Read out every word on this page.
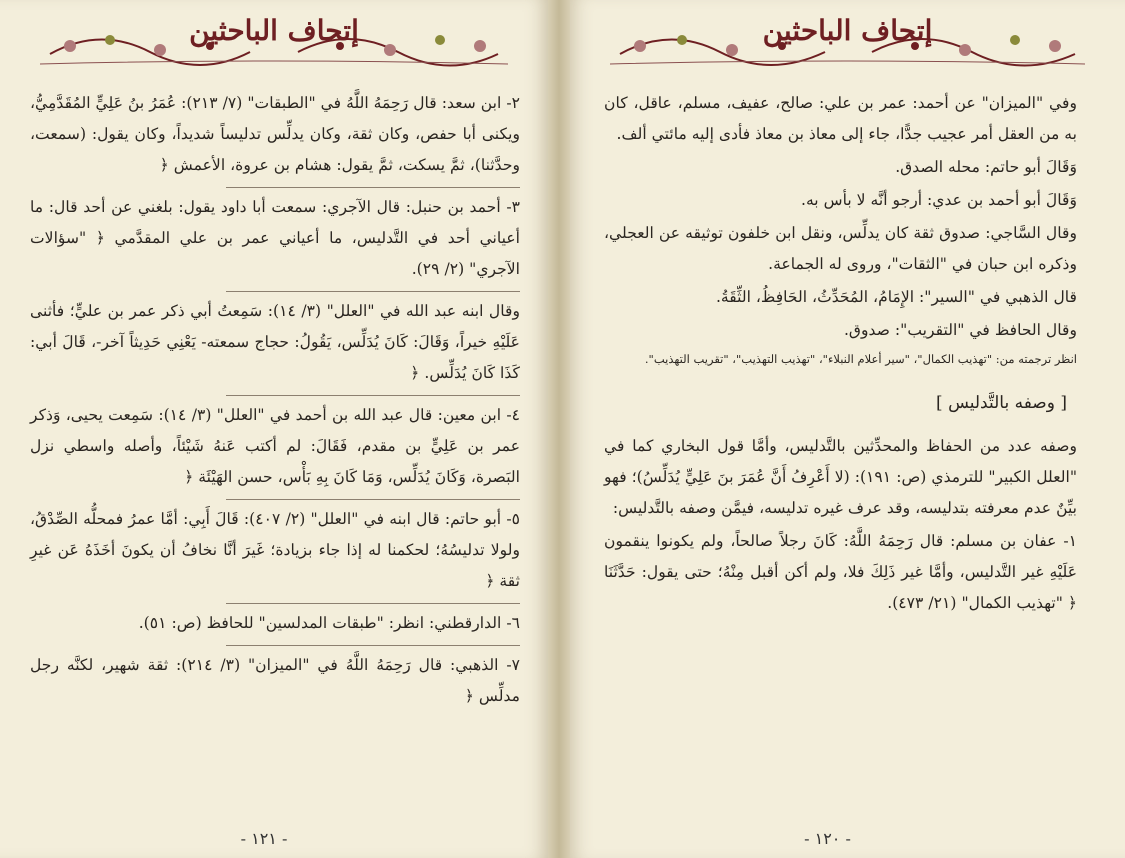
إتحاف الباحثين

٢- ابن سعد: قال رَحِمَهُ اللَّهُ في "الطبقات" (٧/ ٢١٣): عُمَرُ بنُ عَلِيٍّ المُقَدَّمِيُّ، ويكنى أبا حفص، وكان ثقة، وكان يدلِّس تدليساً شديداً، وكان يقول: (سمعت، وحدَّثنا)، ثمَّ يسكت، ثمَّ يقول: هشام بن عروة، الأعمش ﴿

٣- أحمد بن حنبل: قال الآجري: سمعت أبا داود يقول: بلغني عن أحد قال: ما أعياني أحد في التَّدليس، ما أعياني عمر بن علي المقدَّمي ﴿ "سؤالات الآجري" (٢/ ٢٩).

وقال ابنه عبد الله في "العلل" (٣/ ١٤): سَمِعتُ أبي ذكر عمر بن عليٍّ؛ فأثنى عَلَيْهِ خيراً، وَقَالَ: كَانَ يُدَلِّس، يَقُولُ: حجاج سمعته- يَعْنِي حَدِيثاً آخر-، قَالَ أبي: كَذَا كَانَ يُدَلِّس. ﴿

٤- ابن معين: قال عبد الله بن أحمد في "العلل" (٣/ ١٤): سَمِعت يحيى، وَذكر عمر بن عَلِيٍّ بن مقدم، فَقَالَ: لم أكتب عَنهُ شَيْئاً، وأصله واسطي نزل البَصرة، وَكَانَ يُدَلِّس، وَمَا كَانَ بِهِ بَأْس، حسن الهَيْئَة ﴿

٥- أبو حاتم: قال ابنه في "العلل" (٢/ ٤٠٧): قَالَ أَبِي: أمَّا عمرُ فمحلُّه الصِّدْقُ، ولولا تدليسُهُ؛ لحكمنا له إذا جاء بزيادة؛ غَيرَ أنَّا نخافُ أن يكونَ أخَذَهُ عَن غيرِ ثقة ﴿

٦- الدارقطني: انظر: "طبقات المدلسين" للحافظ (ص: ٥١).

٧- الذهبي: قال رَحِمَهُ اللَّهُ في "الميزان" (٣/ ٢١٤): ثقة شهير، لكنَّه رجل مدلِّس ﴿

- ١٢١ -
إتحاف الباحثين

وفي "الميزان" عن أحمد: عمر بن علي: صالح، عفيف، مسلم، عاقل، كان به من العقل أمر عجيب جدًّا، جاء إلى معاذ بن معاذ فأدى إليه مائتي ألف.

وَقَالَ أبو حاتم: محله الصدق.

وَقَالَ أبو أحمد بن عدي: أرجو أنَّه لا بأس به.

وقال السَّاجي: صدوق ثقة كان يدلِّس، ونقل ابن خلفون توثيقه عن العجلي، وذكره ابن حبان في "الثقات"، وروى له الجماعة.

قال الذهبي في "السير": الإِمَامُ، المُحَدِّثُ، الحَافِظُ، الثِّقَةُ.

وقال الحافظ في "التقريب": صدوق.

انظر ترجمته من: "تهذيب الكمال"، "سير أعلام النبلاء"، "تهذيب التهذيب"، "تقريب التهذيب".

[ وصفه بالتَّدليس ]

وصفه عدد من الحفاظ والمحدِّثين بالتَّدليس، وأمَّا قول البخاري كما في "العلل الكبير" للترمذي (ص: ١٩١): (لا أَعْرِفُ أَنَّ عُمَرَ بنَ عَلِيٍّ يُدَلِّسُ)؛ فهو بيِّنٌ عدم معرفته بتدليسه، وقد عرف غيره تدليسه، فيمَّن وصفه بالتَّدليس:

١- عفان بن مسلم: قال رَحِمَهُ اللَّهُ: كَانَ رجلاً صالحاً، ولم يكونوا ينقمون عَلَيْهِ غير التَّدليس، وأمَّا غير ذَلِكَ فلا، ولم أكن أقبل مِنْهُ؛ حتى يقول: حَدَّثَنَا ﴿ "تهذيب الكمال" (٢١/ ٤٧٣).

- ١٢٠ -
